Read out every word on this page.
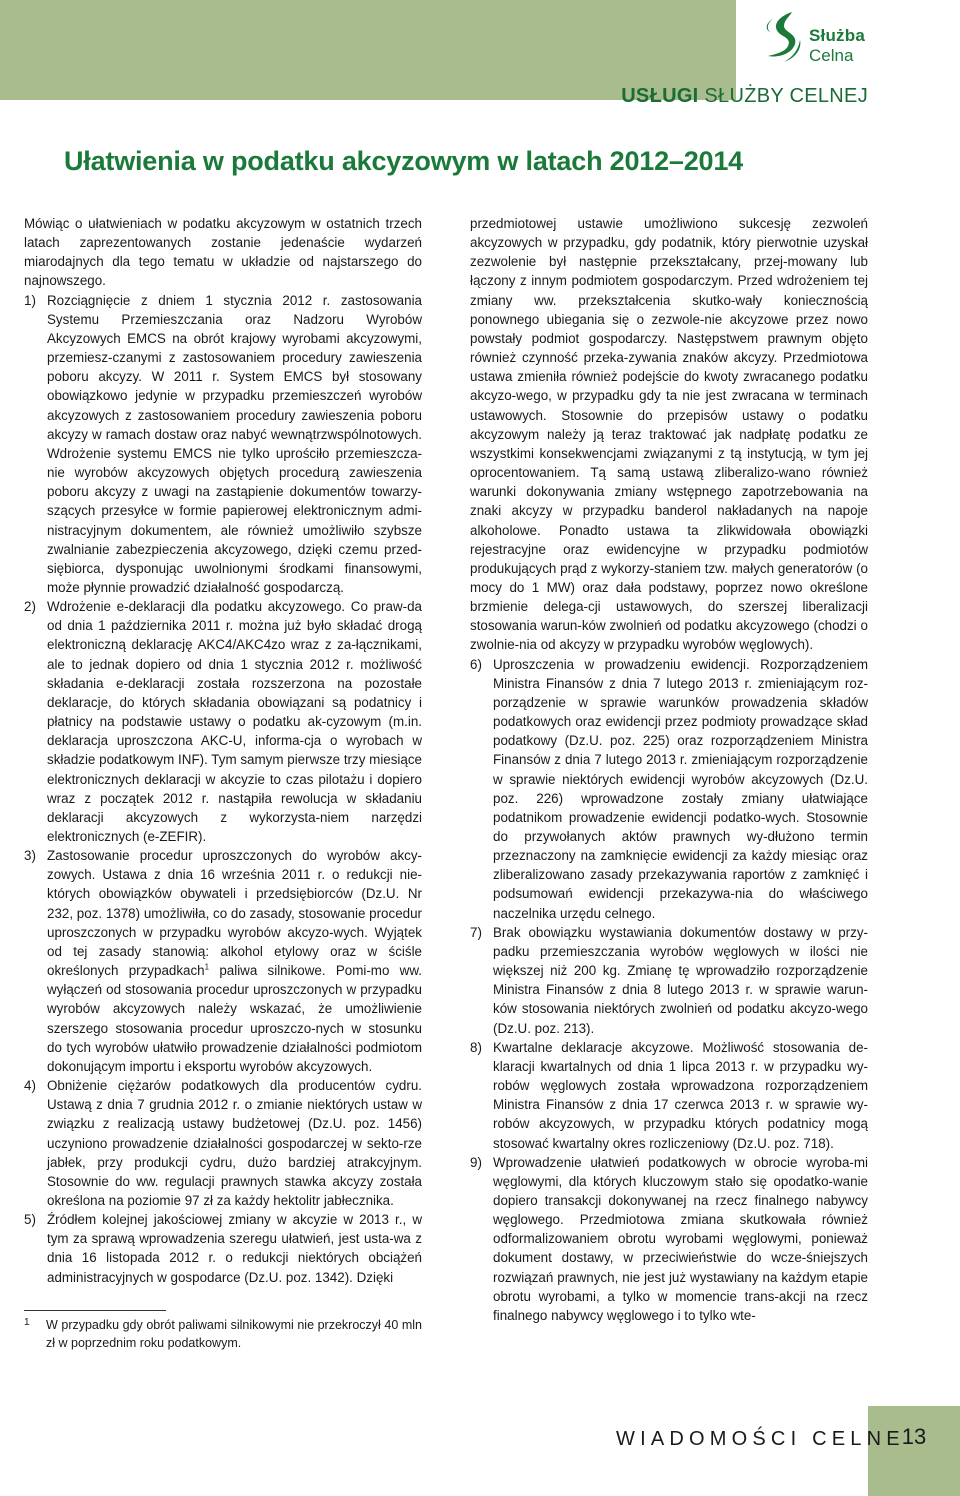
Służba
Celna
USŁUGI SŁUŻBY CELNEJ
Ułatwienia w podatku akcyzowym w latach 2012–2014

Mówiąc o ułatwieniach w podatku akcyzowym w ostatnich trzech latach zaprezentowanych zostanie jedenaście wydarzeń miarodajnych dla tego tematu w układzie od najstarszego do najnowszego.

1) Rozciągnięcie z dniem 1 stycznia 2012 r. zastosowania Systemu Przemieszczania oraz Nadzoru Wyrobów Akcyzowych EMCS na obrót krajowy wyrobami akcyzowymi, przemiesz-czanymi z zastosowaniem procedury zawieszenia poboru akcyzy. W 2011 r. System EMCS był stosowany obowiązkowo jedynie w przypadku przemieszczeń wyrobów akcyzowych z zastosowaniem procedury zawieszenia poboru akcyzy w ramach dostaw oraz nabyć wewnątrzwspólnotowych. Wdrożenie systemu EMCS nie tylko uprościło przemieszcza-nie wyrobów akcyzowych objętych procedurą zawieszenia poboru akcyzy z uwagi na zastąpienie dokumentów towarzy-szących przesyłce w formie papierowej elektronicznym admi-nistracyjnym dokumentem, ale również umożliwiło szybsze zwalnianie zabezpieczenia akcyzowego, dzięki czemu przed-siębiorca, dysponując uwolnionymi środkami finansowymi, może płynnie prowadzić działalność gospodarczą.
2) Wdrożenie e-deklaracji dla podatku akcyzowego. Co praw-da od dnia 1 października 2011 r. można już było składać drogą elektroniczną deklarację AKC4/AKC4zo wraz z za-łącznikami, ale to jednak dopiero od dnia 1 stycznia 2012 r. możliwość składania e-deklaracji została rozszerzona na pozostałe deklaracje, do których składania obowiązani są podatnicy i płatnicy na podstawie ustawy o podatku ak-cyzowym (m.in. deklaracja uproszczona AKC-U, informa-cja o wyrobach w składzie podatkowym INF). Tym samym pierwsze trzy miesiące elektronicznych deklaracji w akcyzie to czas pilotażu i dopiero wraz z początek 2012 r. nastąpiła rewolucja w składaniu deklaracji akcyzowych z wykorzysta-niem narzędzi elektronicznych (e-ZEFIR).
3) Zastosowanie procedur uproszczonych do wyrobów akcy-zowych. Ustawa z dnia 16 września 2011 r. o redukcji nie-których obowiązków obywateli i przedsiębiorców (Dz.U. Nr 232, poz. 1378) umożliwiła, co do zasady, stosowanie procedur uproszczonych w przypadku wyrobów akcyzo-wych. Wyjątek od tej zasady stanowią: alkohol etylowy oraz w ściśle określonych przypadkach$^1$ paliwa silnikowe. Pomi-mo ww. wyłączeń od stosowania procedur uproszczonych w przypadku wyrobów akcyzowych należy wskazać, że umożliwienie szerszego stosowania procedur uproszczo-nych w stosunku do tych wyrobów ułatwiło prowadzenie działalności podmiotom dokonującym importu i eksportu wyrobów akcyzowych.
4) Obniżenie ciężarów podatkowych dla producentów cydru. Ustawą z dnia 7 grudnia 2012 r. o zmianie niektórych ustaw w związku z realizacją ustawy budżetowej (Dz.U. poz. 1456) uczyniono prowadzenie działalności gospodarczej w sekto-rze jabłek, przy produkcji cydru, dużo bardziej atrakcyjnym. Stosownie do ww. regulacji prawnych stawka akcyzy została określona na poziomie 97 zł za każdy hektolitr jabłecznika.
5) Źródłem kolejnej jakościowej zmiany w akcyzie w 2013 r., w tym za sprawą wprowadzenia szeregu ułatwień, jest usta-wa z dnia 16 listopada 2012 r. o redukcji niektórych obciążeń administracyjnych w gospodarce (Dz.U. poz. 1342). Dzięki
1	W przypadku gdy obrót paliwami silnikowymi nie przekroczył 40 mln zł w poprzednim roku podatkowym.

przedmiotowej ustawie umożliwiono sukcesję zezwoleń akcyzowych w przypadku, gdy podatnik, który pierwotnie uzyskał zezwolenie był następnie przekształcany, przej-mowany lub łączony z innym podmiotem gospodarczym. Przed wdrożeniem tej zmiany ww. przekształcenia skutko-wały koniecznością ponownego ubiegania się o zezwole-nie akcyzowe przez nowo powstały podmiot gospodarczy. Następstwem prawnym objęto również czynność przeka-zywania znaków akcyzy. Przedmiotowa ustawa zmieniła również podejście do kwoty zwracanego podatku akcyzo-wego, w przypadku gdy ta nie jest zwracana w terminach ustawowych. Stosownie do przepisów ustawy o podatku akcyzowym należy ją teraz traktować jak nadpłatę podatku ze wszystkimi konsekwencjami związanymi z tą instytucją, w tym jej oprocentowaniem. Tą samą ustawą zliberalizo-wano również warunki dokonywania zmiany wstępnego zapotrzebowania na znaki akcyzy w przypadku banderol nakładanych na napoje alkoholowe. Ponadto ustawa ta zlikwidowała obowiązki rejestracyjne oraz ewidencyjne w przypadku podmiotów produkujących prąd z wykorzy-staniem tzw. małych generatorów (o mocy do 1 MW) oraz dała podstawy, poprzez nowo określone brzmienie delega-cji ustawowych, do szerszej liberalizacji stosowania warun-ków zwolnień od podatku akcyzowego (chodzi o zwolnie-nia od akcyzy w przypadku wyrobów węglowych).

6) Uproszczenia w prowadzeniu ewidencji. Rozporządzeniem Ministra Finansów z dnia 7 lutego 2013 r. zmieniającym roz-porządzenie w sprawie warunków prowadzenia składów podatkowych oraz ewidencji przez podmioty prowadzące skład podatkowy (Dz.U. poz. 225) oraz rozporządzeniem Ministra Finansów z dnia 7 lutego 2013 r. zmieniającym rozporządzenie w sprawie niektórych ewidencji wyrobów akcyzowych (Dz.U. poz. 226) wprowadzone zostały zmiany ułatwiające podatnikom prowadzenie ewidencji podatko-wych. Stosownie do przywołanych aktów prawnych wy-dłużono termin przeznaczony na zamknięcie ewidencji za każdy miesiąc oraz zliberalizowano zasady przekazywania raportów z zamknięć i podsumowań ewidencji przekazywa-nia do właściwego naczelnika urzędu celnego.
7) Brak obowiązku wystawiania dokumentów dostawy w przy-padku przemieszczania wyrobów węglowych w ilości nie większej niż 200 kg. Zmianę tę wprowadziło rozporządzenie Ministra Finansów z dnia 8 lutego 2013 r. w sprawie warun-ków stosowania niektórych zwolnień od podatku akcyzo-wego (Dz.U. poz. 213).
8) Kwartalne deklaracje akcyzowe. Możliwość stosowania de-klaracji kwartalnych od dnia 1 lipca 2013 r. w przypadku wy-robów węglowych została wprowadzona rozporządzeniem Ministra Finansów z dnia 17 czerwca 2013 r. w sprawie wy-robów akcyzowych, w przypadku których podatnicy mogą stosować kwartalny okres rozliczeniowy (Dz.U. poz. 718).
9) Wprowadzenie ułatwień podatkowych w obrocie wyroba-mi węglowymi, dla których kluczowym stało się opodatko-wanie dopiero transakcji dokonywanej na rzecz finalnego nabywcy węglowego. Przedmiotowa zmiana skutkowała również odformalizowaniem obrotu wyrobami węglowymi, ponieważ dokument dostawy, w przeciwieństwie do wcze-śniejszych rozwiązań prawnych, nie jest już wystawiany na każdym etapie obrotu wyrobami, a tylko w momencie trans-akcji na rzecz finalnego nabywcy węglowego i to tylko wte-
WIADOMOŚCI CELNE
13
